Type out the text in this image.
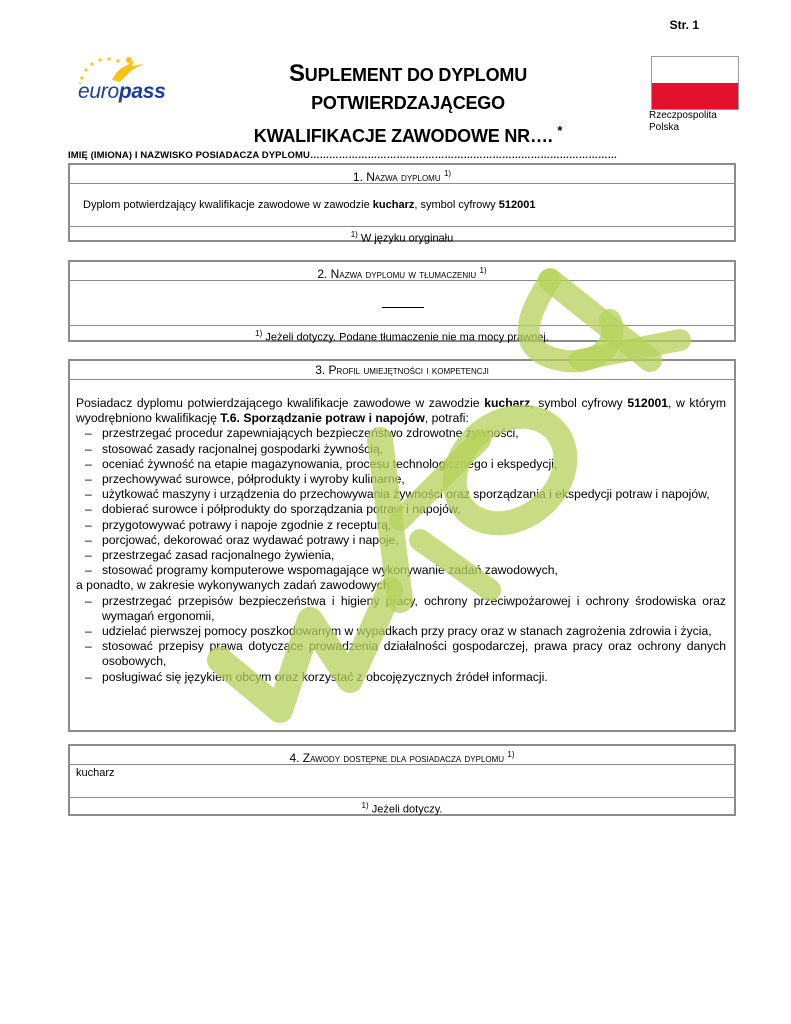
Str. 1
europass
SUPLEMENT DO DYPLOMU POTWIERDZAJĄCEGO
KWALIFIKACJE ZAWODOWE NR…. *
Rzeczpospolita
Polska
IMIĘ (IMIONA) I NAZWISKO POSIADACZA DYPLOMU……………………………………………………………………………………
1. Nazwa dyplomu $^{1)}$
Dyplom potwierdzający kwalifikacje zawodowe w zawodzie kucharz, symbol cyfrowy 512001
$^{1)}$ W języku oryginału
2. Nazwa dyplomu w tłumaczeniu $^{1)}$
$^{1)}$ Jeżeli dotyczy. Podane tłumaczenie nie ma mocy prawnej.
3. Profil umiejętności i kompetencji

Posiadacz dyplomu potwierdzającego kwalifikacje zawodowe w zawodzie kucharz, symbol cyfrowy 512001, w którym wyodrębniono kwalifikację T.6. Sporządzanie potraw i napojów, potrafi:

– przestrzegać procedur zapewniających bezpieczeństwo zdrowotne żywności,
– stosować zasady racjonalnej gospodarki żywnością,
– oceniać żywność na etapie magazynowania, procesu technologicznego i ekspedycji,
– przechowywać surowce, półprodukty i wyroby kulinarne,
– użytkować maszyny i urządzenia do przechowywania żywności oraz sporządzania i ekspedycji potraw i napojów,
– dobierać surowce i półprodukty do sporządzania potraw i napojów,
– przygotowywać potrawy i napoje zgodnie z recepturą,
– porcjować, dekorować oraz wydawać potrawy i napoje,
– przestrzegać zasad racjonalnego żywienia,
– stosować programy komputerowe wspomagające wykonywanie zadań zawodowych,

a ponadto, w zakresie wykonywanych zadań zawodowych:

– przestrzegać przepisów bezpieczeństwa i higieny pracy, ochrony przeciwpożarowej i ochrony środowiska oraz wymagań ergonomii,
– udzielać pierwszej pomocy poszkodowanym w wypadkach przy pracy oraz w stanach zagrożenia zdrowia i życia,
– stosować przepisy prawa dotyczące prowadzenia działalności gospodarczej, prawa pracy oraz ochrony danych osobowych,
– posługiwać się językiem obcym oraz korzystać z obcojęzycznych źródeł informacji.
4. Zawody dostępne dla posiadacza dyplomu $^{1)}$
kucharz
$^{1)}$ Jeżeli dotyczy.
